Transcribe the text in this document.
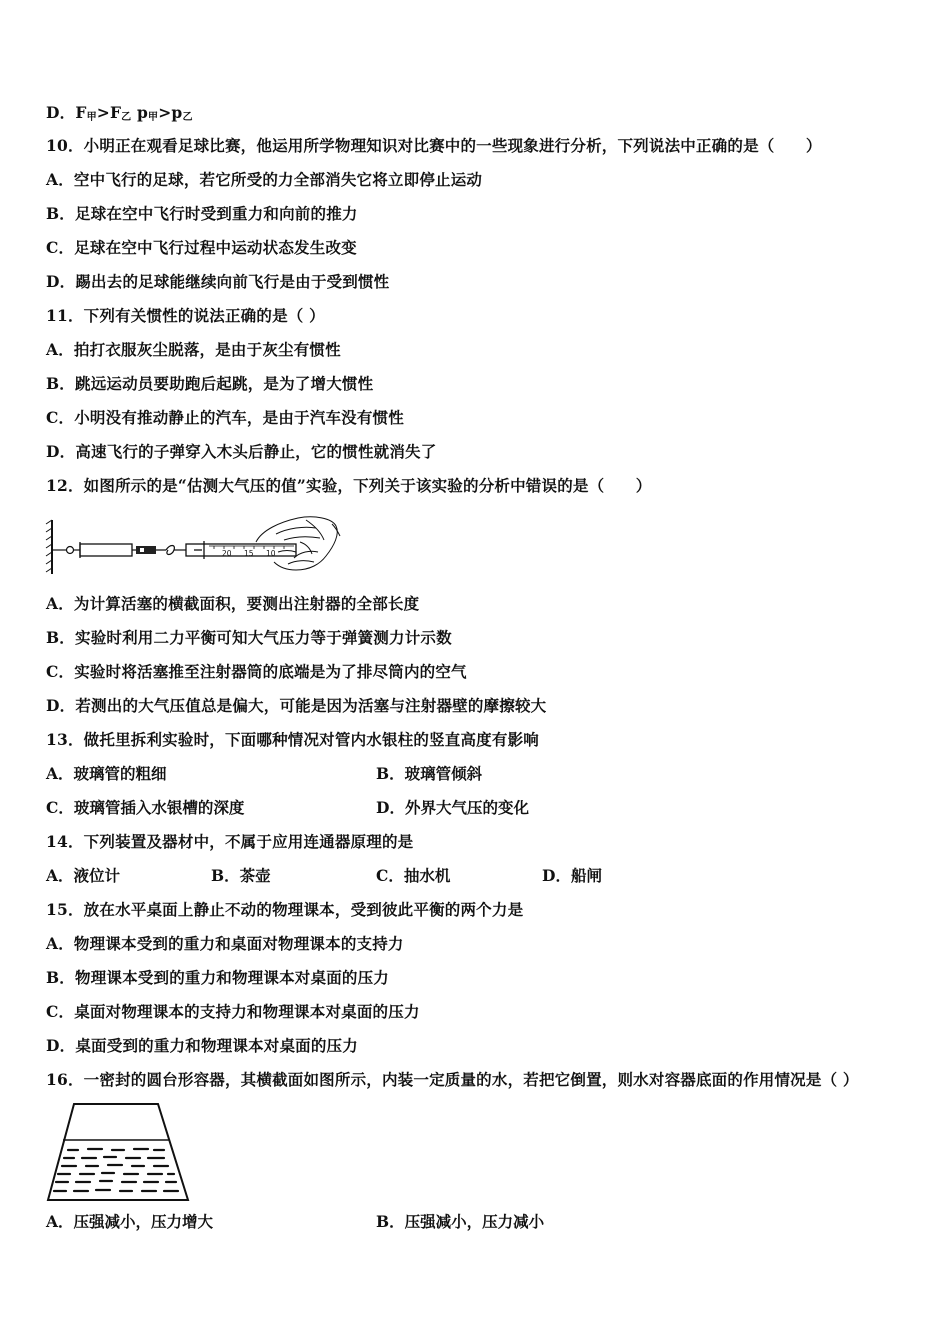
D．$F_甲>F_乙$ $p_甲>p_乙$
10．小明正在观看足球比赛，他运用所学物理知识对比赛中的一些现象进行分析，下列说法中正确的是（　　）
A．空中飞行的足球，若它所受的力全部消失它将立即停止运动
B．足球在空中飞行时受到重力和向前的推力
C．足球在空中飞行过程中运动状态发生改变
D．踢出去的足球能继续向前飞行是由于受到惯性
11．下列有关惯性的说法正确的是（ ）
A．拍打衣服灰尘脱落，是由于灰尘有惯性
B．跳远运动员要助跑后起跳，是为了增大惯性
C．小明没有推动静止的汽车，是由于汽车没有惯性
D．高速飞行的子弹穿入木头后静止，它的惯性就消失了
12．如图所示的是“估测大气压的值”实验，下列关于该实验的分析中错误的是（　　）
20 15 10
A．为计算活塞的横截面积，要测出注射器的全部长度
B．实验时利用二力平衡可知大气压力等于弹簧测力计示数
C．实验时将活塞推至注射器筒的底端是为了排尽筒内的空气
D．若测出的大气压值总是偏大，可能是因为活塞与注射器壁的摩擦较大
13．做托里拆利实验时，下面哪种情况对管内水银柱的竖直高度有影响
A．玻璃管的粗细	B．玻璃管倾斜
C．玻璃管插入水银槽的深度	D．外界大气压的变化
14．下列装置及器材中，不属于应用连通器原理的是
A．液位计	B．茶壶	C．抽水机	D．船闸
15．放在水平桌面上静止不动的物理课本，受到彼此平衡的两个力是
A．物理课本受到的重力和桌面对物理课本的支持力
B．物理课本受到的重力和物理课本对桌面的压力
C．桌面对物理课本的支持力和物理课本对桌面的压力
D．桌面受到的重力和物理课本对桌面的压力
16．一密封的圆台形容器，其横截面如图所示，内装一定质量的水，若把它倒置，则水对容器底面的作用情况是（ ）
A．压强减小，压力增大	B．压强减小，压力减小
